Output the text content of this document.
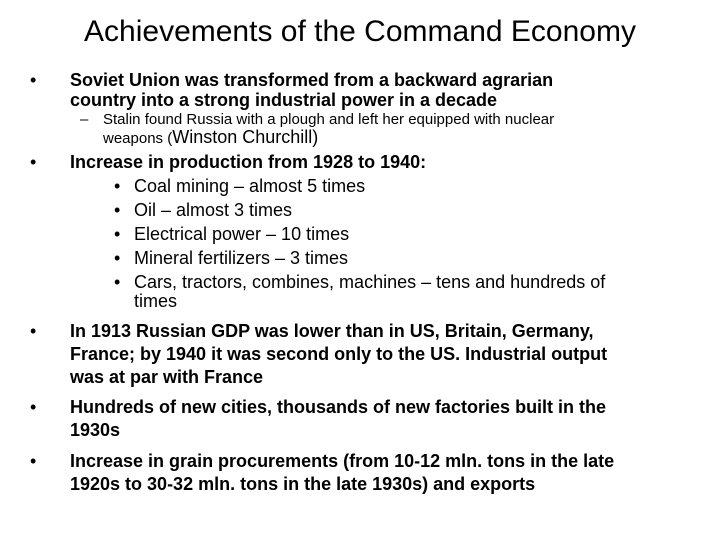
Achievements of the Command Economy
• Soviet Union was transformed from a backward agrarian
country into a strong industrial power in a decade
– Stalin found Russia with a plough and left her equipped with nuclear
weapons (Winston Churchill)
• Increase in production from 1928 to 1940:
• Coal mining – almost 5 times
• Oil – almost 3 times
• Electrical power – 10 times
• Mineral fertilizers – 3 times
• Cars, tractors, combines, machines – tens and hundreds of
times
• In 1913 Russian GDP was lower than in US, Britain, Germany,
France; by 1940 it was second only to the US. Industrial output
was at par with France
• Hundreds of new cities, thousands of new factories built in the
1930s
• Increase in grain procurements (from 10-12 mln. tons in the late
1920s to 30-32 mln. tons in the late 1930s) and exports
